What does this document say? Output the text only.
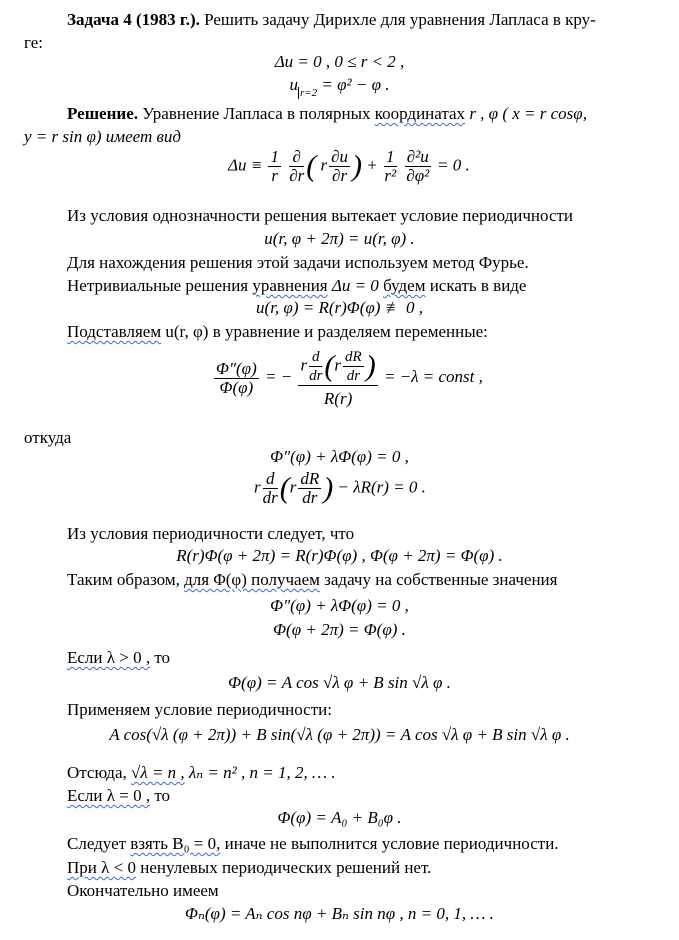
Задача 4 (1983 г.). Решить задачу Дирихле для уравнения Лапласа в кру-
ге:
Δu = 0 , 0 ≤ r < 2 ,
u $_{r=2}$ = φ² − φ .
Решение. Уравнение Лапласа в полярных координатах r , φ ( x = r cosφ,
y = r sin φ) имеет вид
$\Delta u \equiv \frac{1}{r}$
$\frac{\partial}{\partial r}$ ( r $\frac{\partial u}{\partial r}$ ) + $\frac{1}{\text{r²}}$
$\frac{\text{∂²u}}{\text{∂φ²}} = 0$ .
Из условия однозначности решения вытекает условие периодичности
u(r, φ + 2π) = u(r, φ) .
Для нахождения решения этой задачи используем метод Фурье.
Нетривиальные решения уравнения Δu = 0 будем искать в виде
u(r, φ) = R(r)Φ(φ) ≢ 0 ,
Подставляем u(r, φ) в уравнение и разделяем переменные:
$\frac{\Phi''(\varphi)}{\Phi(\varphi)}$ = − $\frac{r \frac{d}{dr} (r \frac{dR}{dr} )}{R(r)} = -\lambda$ = const ,
откуда
Φ″(φ) + λΦ(φ) = 0 ,
r $\frac{d}{dr} (r \frac{dR}{dr}$ ) − λR(r) = 0 .
Из условия периодичности следует, что
R(r)Φ(φ + 2π) = R(r)Φ(φ) , Φ(φ + 2π) = Φ(φ) .
Таким образом, для Φ(φ) получаем задачу на собственные значения
Φ″(φ) + λΦ(φ) = 0 ,
Φ(φ + 2π) = Φ(φ) .
Если λ > 0 , то
Φ(φ) = A cos √λ φ + B sin √λ φ .
Применяем условие периодичности:
A cos(√λ (φ + 2π)) + B sin(√λ (φ + 2π)) = A cos √λ φ + B sin √λ φ .
Отсюда, √λ = n , λₙ = n² , n = 1, 2, … .
Если λ = 0 , то
Φ(φ) = A₀ + B₀φ .
Следует взять B₀ = 0, иначе не выполнится условие периодичности.
При λ < 0 ненулевых периодических решений нет.
Окончательно имеем
Φₙ(φ) = Aₙ cos nφ + Bₙ sin nφ , n = 0, 1, … .
